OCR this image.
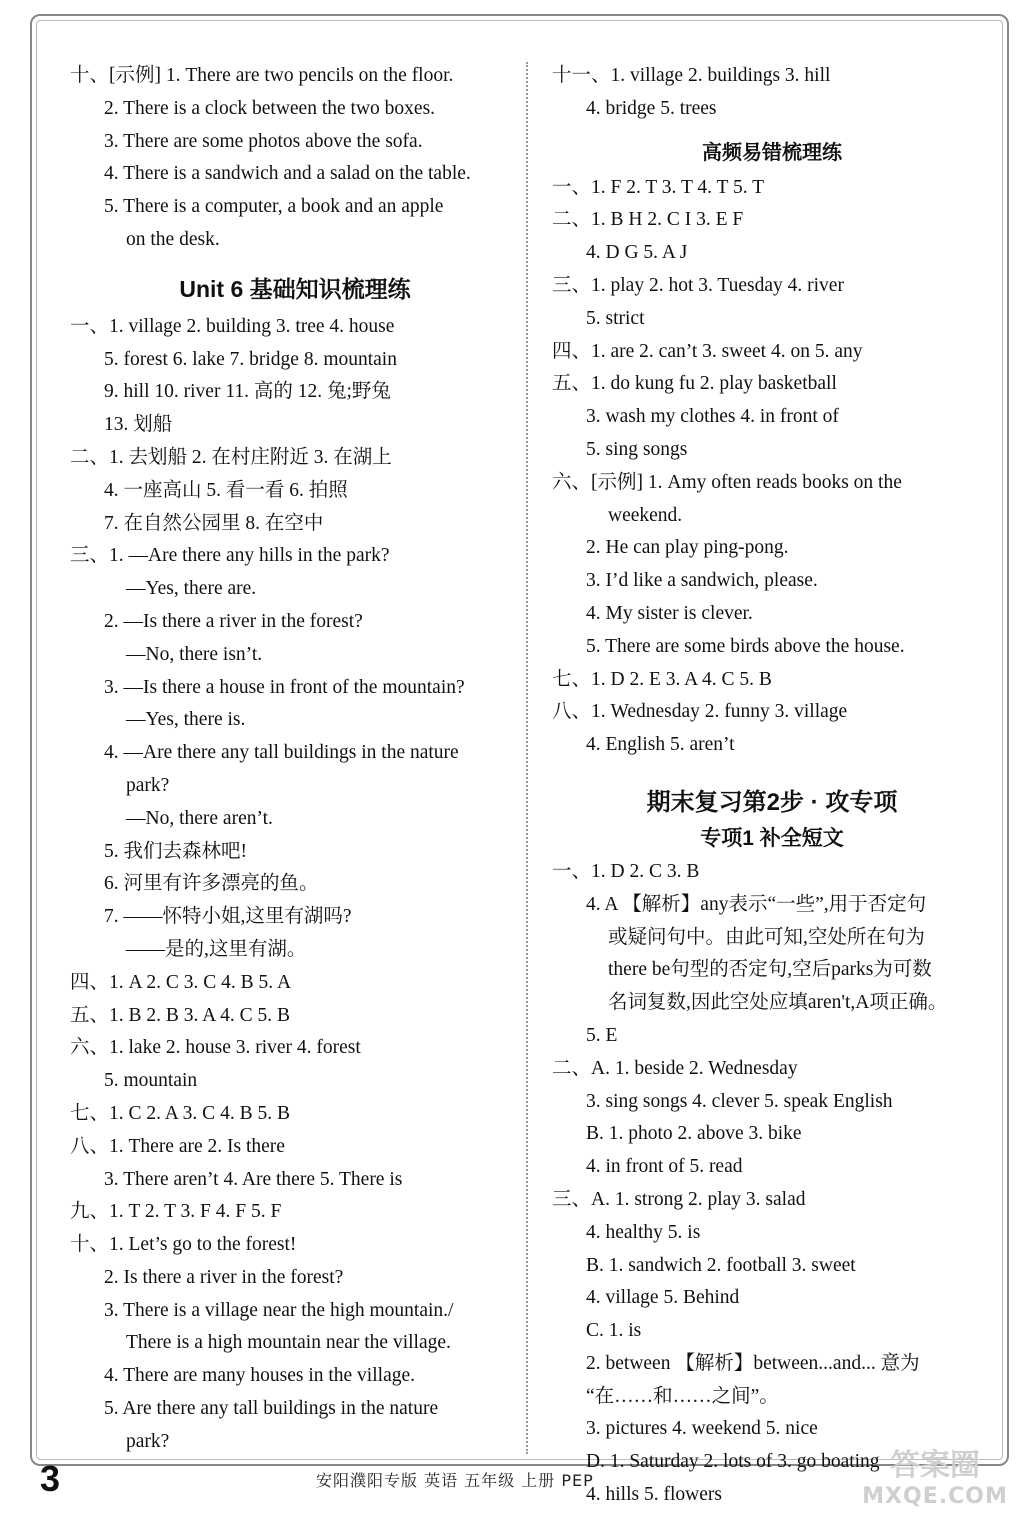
十、[示例] 1. There are two pencils on the floor.
2. There is a clock between the two boxes.
3. There are some photos above the sofa.
4. There is a sandwich and a salad on the table.
5. There is a computer, a book and an apple
on the desk.
Unit 6 基础知识梳理练
一、1. village 2. building 3. tree 4. house
5. forest 6. lake 7. bridge 8. mountain
9. hill 10. river 11. 高的 12. 兔;野兔
13. 划船
二、1. 去划船 2. 在村庄附近 3. 在湖上
4. 一座高山 5. 看一看 6. 拍照
7. 在自然公园里 8. 在空中
三、1. —Are there any hills in the park?
—Yes, there are.
2. —Is there a river in the forest?
—No, there isn’t.
3. —Is there a house in front of the mountain?
—Yes, there is.
4. —Are there any tall buildings in the nature
park?
—No, there aren’t.
5. 我们去森林吧!
6. 河里有许多漂亮的鱼。
7. ——怀特小姐,这里有湖吗?
——是的,这里有湖。
四、1. A 2. C 3. C 4. B 5. A
五、1. B 2. B 3. A 4. C 5. B
六、1. lake 2. house 3. river 4. forest
5. mountain
七、1. C 2. A 3. C 4. B 5. B
八、1. There are 2. Is there
3. There aren’t 4. Are there 5. There is
九、1. T 2. T 3. F 4. F 5. F
十、1. Let’s go to the forest!
2. Is there a river in the forest?
3. There is a village near the high mountain./
There is a high mountain near the village.
4. There are many houses in the village.
5. Are there any tall buildings in the nature
park?
十一、1. village 2. buildings 3. hill
4. bridge 5. trees
高频易错梳理练
一、1. F 2. T 3. T 4. T 5. T
二、1. B H 2. C I 3. E F
4. D G 5. A J
三、1. play 2. hot 3. Tuesday 4. river
5. strict
四、1. are 2. can’t 3. sweet 4. on 5. any
五、1. do kung fu 2. play basketball
3. wash my clothes 4. in front of
5. sing songs
六、[示例] 1. Amy often reads books on the
weekend.
2. He can play ping-pong.
3. I’d like a sandwich, please.
4. My sister is clever.
5. There are some birds above the house.
七、1. D 2. E 3. A 4. C 5. B
八、1. Wednesday 2. funny 3. village
4. English 5. aren’t
期末复习第2步 · 攻专项
专项1 补全短文
一、1. D 2. C 3. B
4. A 【解析】any表示“一些”,用于否定句
或疑问句中。由此可知,空处所在句为
there be句型的否定句,空后parks为可数
名词复数,因此空处应填aren't,A项正确。
5. E
二、A. 1. beside 2. Wednesday
3. sing songs 4. clever 5. speak English
B. 1. photo 2. above 3. bike
4. in front of 5. read
三、A. 1. strong 2. play 3. salad
4. healthy 5. is
B. 1. sandwich 2. football 3. sweet
4. village 5. Behind
C. 1. is
2. between 【解析】between...and... 意为
“在……和……之间”。
3. pictures 4. weekend 5. nice
D. 1. Saturday 2. lots of 3. go boating
4. hills 5. flowers
3	安阳濮阳专版 英语 五年级 上册 PEP	答案圈
MXQE.COM
